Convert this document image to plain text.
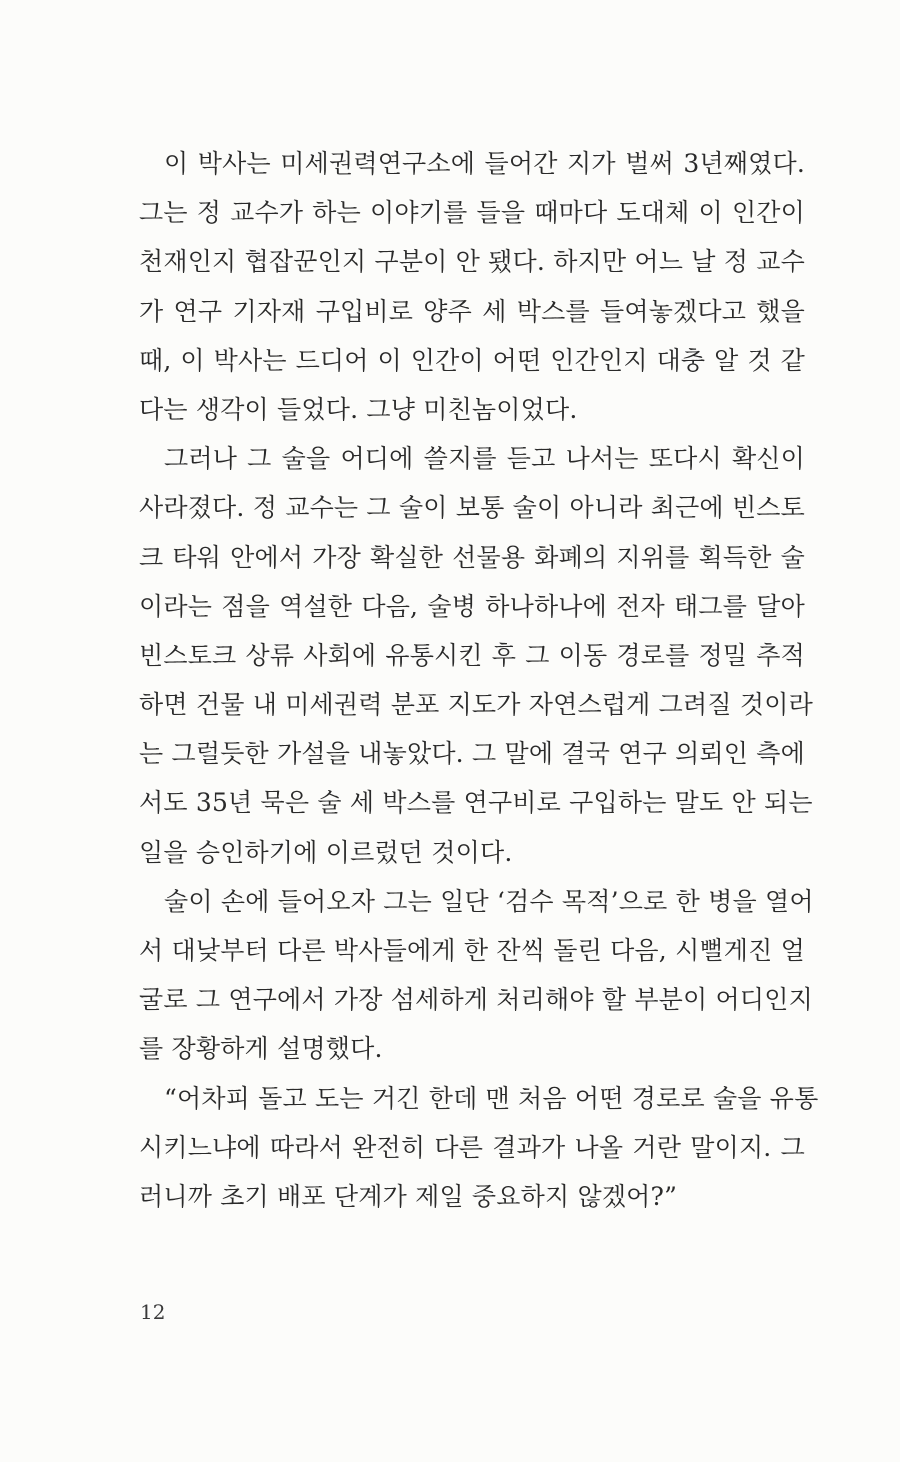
이 박사는 미세권력연구소에 들어간 지가 벌써 3년째였다.
그는 정 교수가 하는 이야기를 들을 때마다 도대체 이 인간이
천재인지 협잡꾼인지 구분이 안 됐다. 하지만 어느 날 정 교수
가 연구 기자재 구입비로 양주 세 박스를 들여놓겠다고 했을
때, 이 박사는 드디어 이 인간이 어떤 인간인지 대충 알 것 같
다는 생각이 들었다. 그냥 미친놈이었다.
그러나 그 술을 어디에 쓸지를 듣고 나서는 또다시 확신이
사라졌다. 정 교수는 그 술이 보통 술이 아니라 최근에 빈스토
크 타워 안에서 가장 확실한 선물용 화폐의 지위를 획득한 술
이라는 점을 역설한 다음, 술병 하나하나에 전자 태그를 달아
빈스토크 상류 사회에 유통시킨 후 그 이동 경로를 정밀 추적
하면 건물 내 미세권력 분포 지도가 자연스럽게 그려질 것이라
는 그럴듯한 가설을 내놓았다. 그 말에 결국 연구 의뢰인 측에
서도 35년 묵은 술 세 박스를 연구비로 구입하는 말도 안 되는
일을 승인하기에 이르렀던 것이다.
술이 손에 들어오자 그는 일단 ‘검수 목적’으로 한 병을 열어
서 대낮부터 다른 박사들에게 한 잔씩 돌린 다음, 시뻘게진 얼
굴로 그 연구에서 가장 섬세하게 처리해야 할 부분이 어디인지
를 장황하게 설명했다.
“어차피 돌고 도는 거긴 한데 맨 처음 어떤 경로로 술을 유통
시키느냐에 따라서 완전히 다른 결과가 나올 거란 말이지. 그
러니까 초기 배포 단계가 제일 중요하지 않겠어?”
12
